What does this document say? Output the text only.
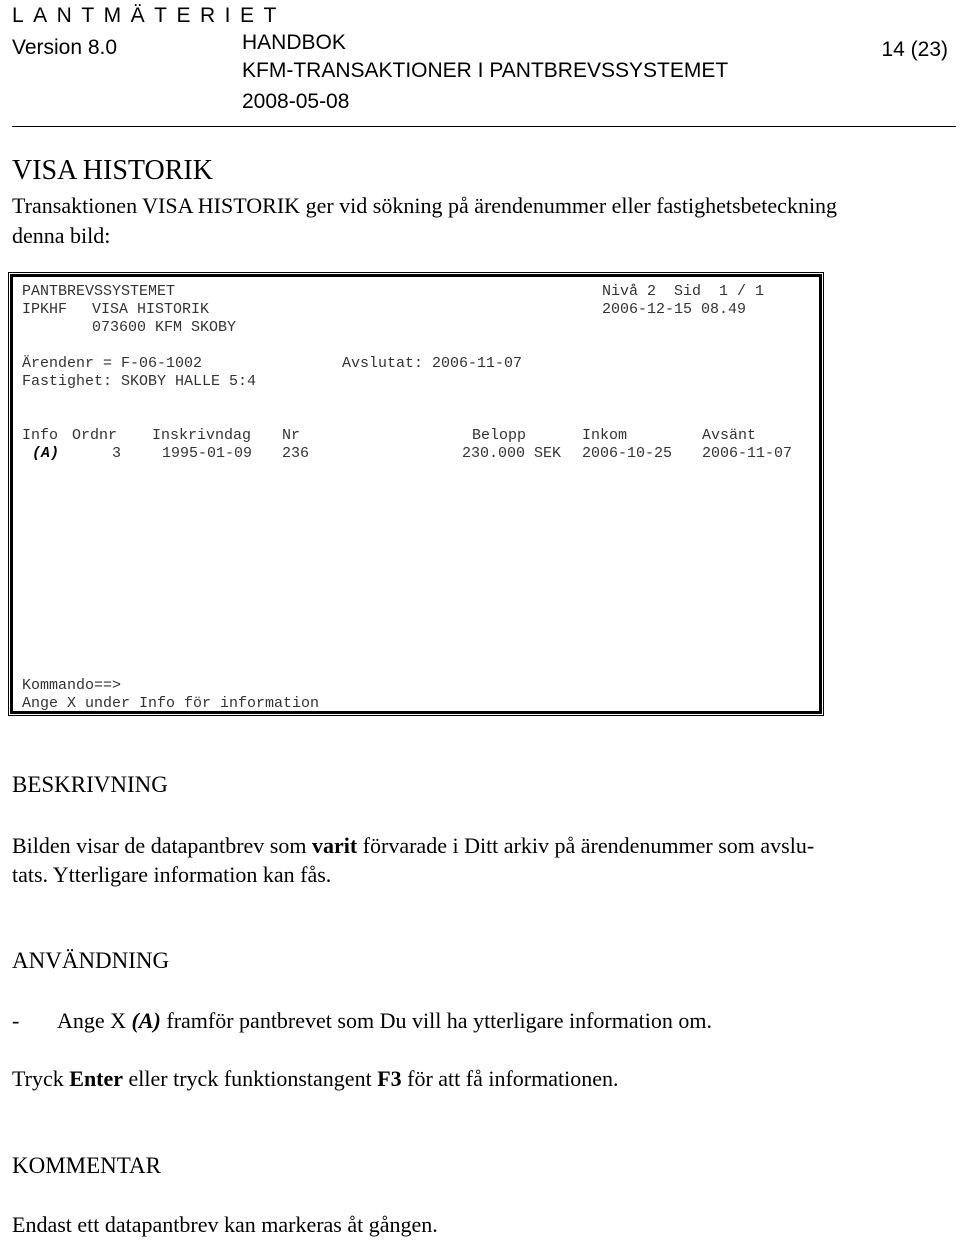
LANTMÄTERIET
Version 8.0	HANDBOK
KFM-TRANSAKTIONER I PANTBREVSSYSTEMET
2008-05-08
14 (23)
VISA HISTORIK
Transaktionen VISA HISTORIK ger vid sökning på ärendenummer eller fastighetsbeteckning
denna bild:
PANTBREVSSYSTEMET	Nivå 2  Sid  1 / 1
IPKHF VISA HISTORIK	2006-12-15 08.49
073600 KFM SKOBY
Ärendenr = F-06-1002	Avslutat: 2006-11-07
Fastighet: SKOBY HALLE 5:4
Info Ordnr Inskrivndag Nr	Belopp	Inkom	Avsänt
(A)	3	1995-01-09 236	230.000 SEK 2006-10-25 2006-11-07
Kommando==>
Ange X under Info för information
BESKRIVNING
Bilden visar de datapantbrev som varit förvarade i Ditt arkiv på ärendenummer som avslu-
tats. Ytterligare information kan fås.
ANVÄNDNING
- Ange X (A) framför pantbrevet som Du vill ha ytterligare information om.
Tryck Enter eller tryck funktionstangent F3 för att få informationen.
KOMMENTAR
Endast ett datapantbrev kan markeras åt gången.
